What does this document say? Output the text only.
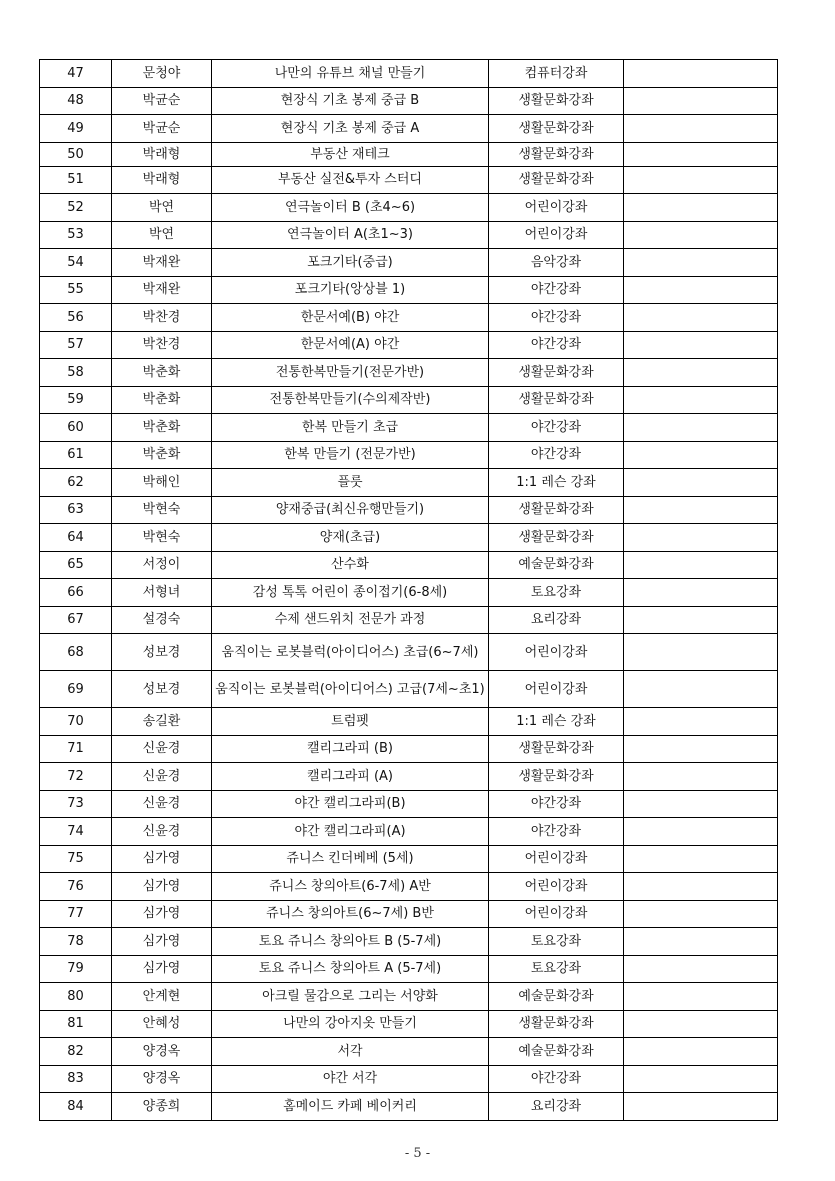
47	문청야	나만의 유튜브 채널 만들기	컴퓨터강좌	
48	박균순	현장식 기초 봉제 중급 B	생활문화강좌	
49	박균순	현장식 기초 봉제 중급 A	생활문화강좌	
50	박래형	부동산 재테크	생활문화강좌	
51	박래형	부동산 실전&투자 스터디	생활문화강좌	
52	박연	연극놀이터 B (초4~6)	어린이강좌	
53	박연	연극놀이터 A(초1~3)	어린이강좌	
54	박재완	포크기타(중급)	음악강좌	
55	박재완	포크기타(앙상블 1)	야간강좌	
56	박찬경	한문서예(B) 야간	야간강좌	
57	박찬경	한문서예(A) 야간	야간강좌	
58	박춘화	전통한복만들기(전문가반)	생활문화강좌	
59	박춘화	전통한복만들기(수의제작반)	생활문화강좌	
60	박춘화	한복 만들기 초급	야간강좌	
61	박춘화	한복 만들기 (전문가반)	야간강좌	
62	박해인	플룻	1:1 레슨 강좌	
63	박현숙	양재중급(최신유행만들기)	생활문화강좌	
64	박현숙	양재(초급)	생활문화강좌	
65	서정이	산수화	예술문화강좌	
66	서형녀	감성 톡톡 어린이 종이접기(6-8세)	토요강좌	
67	설경숙	수제 샌드위치 전문가 과정	요리강좌	
68	성보경	움직이는 로봇블럭(아이디어스) 초급(6~7세)	어린이강좌	
69	성보경	움직이는 로봇블럭(아이디어스) 고급(7세~초1)	어린이강좌	
70	송길환	트럼펫	1:1 레슨 강좌	
71	신윤경	캘리그라피 (B)	생활문화강좌	
72	신윤경	캘리그라피 (A)	생활문화강좌	
73	신윤경	야간 캘리그라피(B)	야간강좌	
74	신윤경	야간 캘리그라피(A)	야간강좌	
75	심가영	쥬니스 킨더베베 (5세)	어린이강좌	
76	심가영	쥬니스 창의아트(6-7세) A반	어린이강좌	
77	심가영	쥬니스 창의아트(6~7세) B반	어린이강좌	
78	심가영	토요 쥬니스 창의아트 B (5-7세)	토요강좌	
79	심가영	토요 쥬니스 창의아트 A (5-7세)	토요강좌	
80	안계현	아크릴 물감으로 그리는 서양화	예술문화강좌	
81	안혜성	나만의 강아지옷 만들기	생활문화강좌	
82	양경옥	서각	예술문화강좌	
83	양경옥	야간 서각	야간강좌	
84	양종희	홈메이드 카페 베이커리	요리강좌	
- 5 -
